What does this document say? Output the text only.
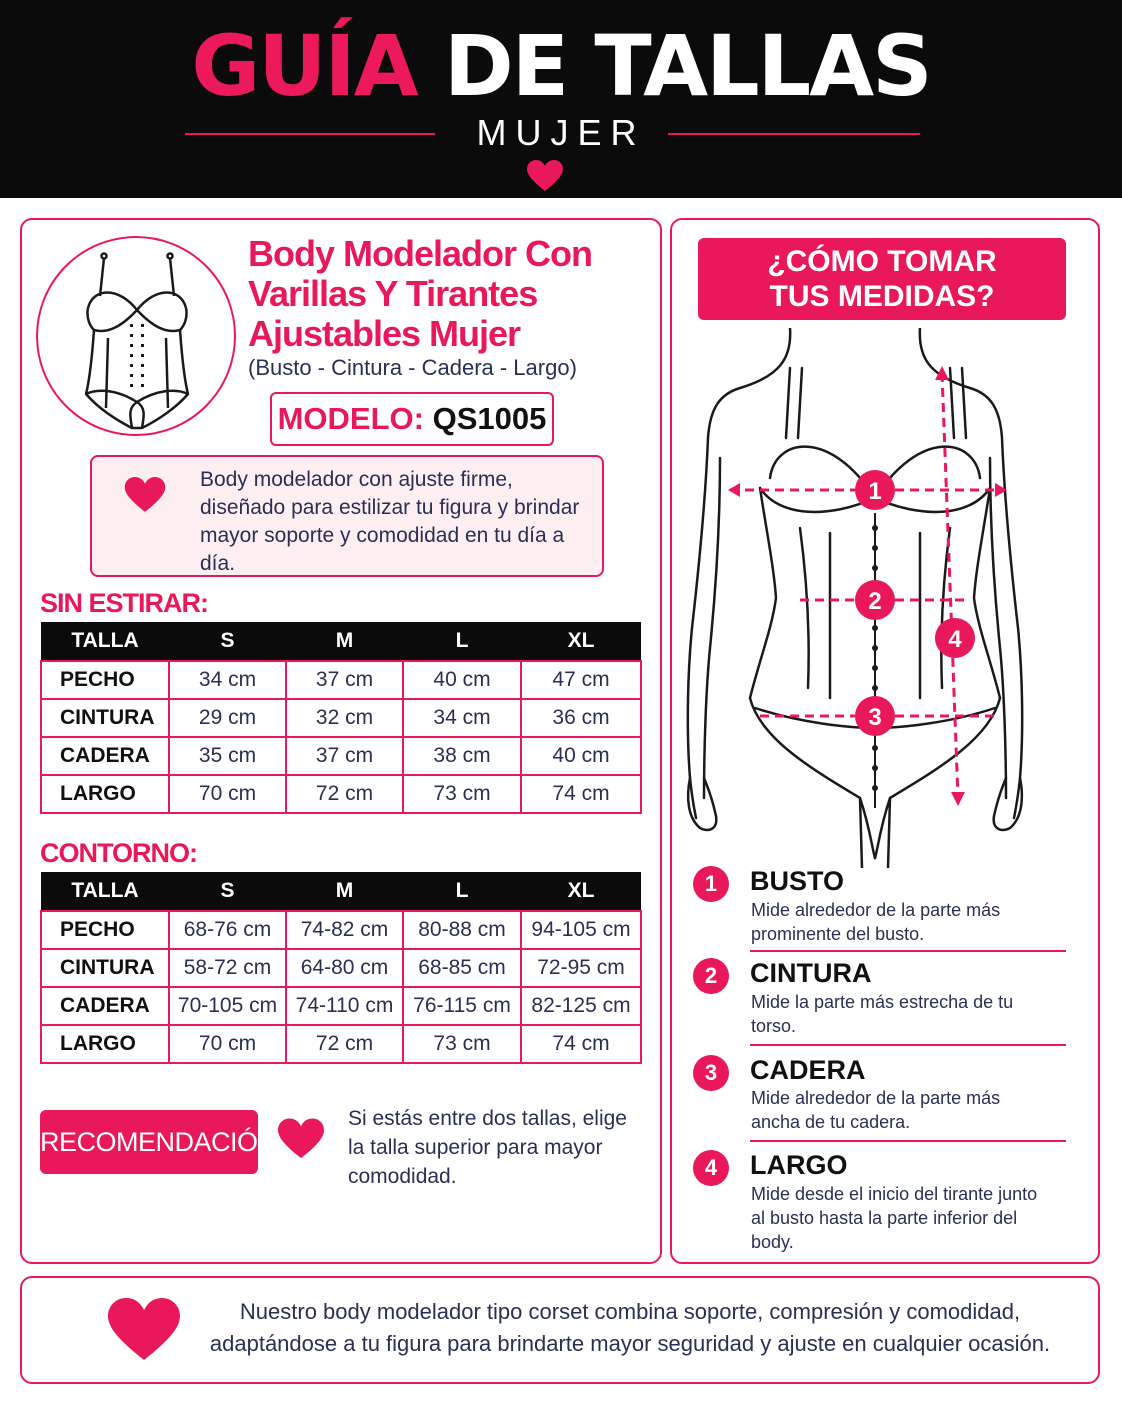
GUÍA DE TALLAS
MUJER
Body Modelador Con Varillas Y Tirantes Ajustables Mujer
(Busto - Cintura - Cadera - Largo)
MODELO: QS1005
Body modelador con ajuste firme, diseñado para estilizar tu figura y brindar mayor soporte y comodidad en tu día a día.
SIN ESTIRAR:
TALLA	S	M	L	XL
PECHO	34 cm	37 cm	40 cm	47 cm
CINTURA	29 cm	32 cm	34 cm	36 cm
CADERA	35 cm	37 cm	38 cm	40 cm
LARGO	70 cm	72 cm	73 cm	74 cm
CONTORNO:
TALLA	S	M	L	XL
PECHO	68-76 cm	74-82 cm	80-88 cm	94-105 cm
CINTURA	58-72 cm	64-80 cm	68-85 cm	72-95 cm
CADERA	70-105 cm	74-110 cm	76-115 cm	82-125 cm
LARGO	70 cm	72 cm	73 cm	74 cm
RECOMENDACIÓN
Si estás entre dos tallas, elige la talla superior para mayor comodidad.
¿CÓMO TOMAR
TUS MEDIDAS?
1
2
3
4
1	BUSTO
Mide alrededor de la parte más prominente del busto.
2	CINTURA
Mide la parte más estrecha de tu torso.
3	CADERA
Mide alrededor de la parte más ancha de tu cadera.
4	LARGO
Mide desde el inicio del tirante junto al busto hasta la parte inferior del body.
Nuestro body modelador tipo corset combina soporte, compresión y comodidad, adaptándose a tu figura para brindarte mayor seguridad y ajuste en cualquier ocasión.
